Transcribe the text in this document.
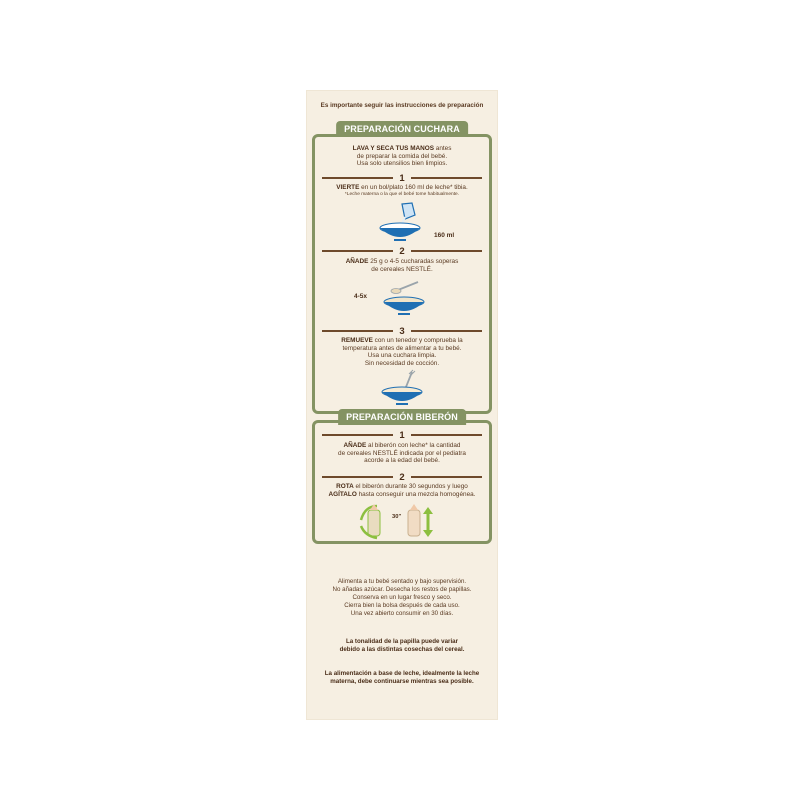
Es importante seguir las instrucciones de preparación
PREPARACIÓN CUCHARA
LAVA Y SECA TUS MANOS antes
de preparar la comida del bebé.
Usa solo utensilios bien limpios.
1
VIERTE en un bol/plato 160 ml de leche* tibia.
*Leche materna o la que el bebé tome habitualmente.
160 ml
2
AÑADE 25 g o 4-5 cucharadas soperas
de cereales NESTLÉ.
4-5x
3
REMUEVE con un tenedor y comprueba la
temperatura antes de alimentar a tu bebé.
Usa una cuchara limpia.
Sin necesidad de cocción.
PREPARACIÓN BIBERÓN
1
AÑADE al biberón con leche* la cantidad
de cereales NESTLÉ indicada por el pediatra
acorde a la edad del bebé.
2
ROTA el biberón durante 30 segundos y luego
AGÍTALO hasta conseguir una mezcla homogénea.
30"
Alimenta a tu bebé sentado y bajo supervisión.
No añadas azúcar. Desecha los restos de papillas.
Conserva en un lugar fresco y seco.
Cierra bien la bolsa después de cada uso.
Una vez abierto consumir en 30 días.
La tonalidad de la papilla puede variar
debido a las distintas cosechas del cereal.
La alimentación a base de leche, idealmente la leche
materna, debe continuarse mientras sea posible.
